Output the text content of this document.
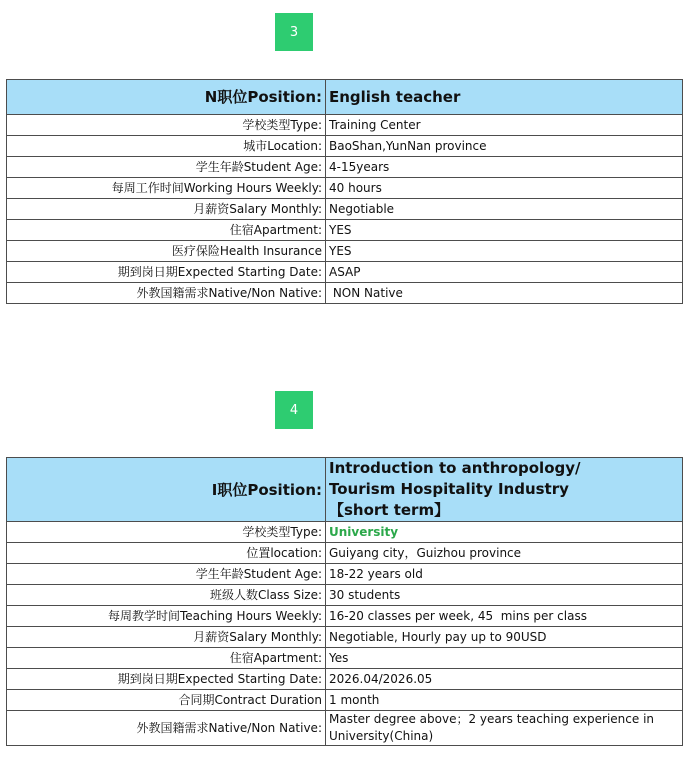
3
N职位Position:	English teacher
学校类型Type:	Training Center
城市Location:	BaoShan,YunNan province
学生年龄Student Age:	4-15years
每周工作时间Working Hours Weekly:	40 hours
月薪资Salary Monthly:	Negotiable
住宿Apartment:	YES
医疗保险Health Insurance	YES
期到岗日期Expected Starting Date:	ASAP
外教国籍需求Native/Non Native:	NON Native
4
I职位Position:	Introduction to anthropology/
Tourism Hospitality Industry
【short term】

学校类型Type:	University
位置location:	Guiyang city，Guizhou province
学生年龄Student Age:	18-22 years old
班级人数Class Size:	30 students
每周教学时间Teaching Hours Weekly:	16-20 classes per week, 45  mins per class
月薪资Salary Monthly:	Negotiable, Hourly pay up to 90USD
住宿Apartment:	Yes
期到岗日期Expected Starting Date:	2026.04/2026.05
合同期Contract Duration	1 month
外教国籍需求Native/Non Native:	Master degree above；2 years teaching experience in
University(China)
